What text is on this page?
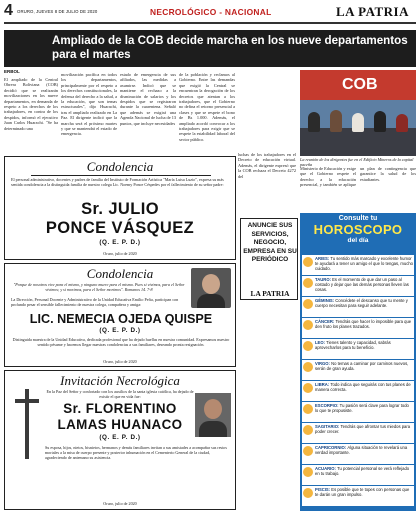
4 ORURO, JUEVES 8 DE JULIO DE 2020	NECROLÓGICO - NACIONAL	LA PATRIA
Ampliado de la COB decide marcha en los nueve departamentos para el martes
ERBOL
El ampliado de la Central Obrera Boliviana (COB) decidió que se realizarán movilizaciones en los nueve departamentos, en demanda de respeto a los derechos de los trabajadores, en contra de los despidos, informó el ejecutivo Juan Carlos Huarachi. "Se ha determinado una
movilización pacífica en todos los departamentos, principalmente por el respeto a los derechos constitucionales, la defensa del derecho a la salud, a la educación, que son temas estructurales", dijo Huarachi, tras el ampliado realizado en La Paz. El dirigente indicó que la marcha será el próximo martes y que se mantendrá el estado de emergencia.
estado de emergencia de sus afiliados, las medidas a asumirse. Indicó que se mantiene el rechazo a la disminución de salarios y los despidos que se registraron durante la cuarentena. Señaló que además se exigirá una Agenda Nacional de lucha de 13 puntos, que incluye necesidades
de la población y reclamos al Gobierno. Entre las demandas que exigió la Central se encuentran la derogación de los decretos que atentan a los trabajadores, que el Gobierno no defina el retorno presencial a clases y que se respete el bono de Bs 1.000. Además, el ampliado acordó convocar a los trabajadores para exigir que se respete la estabilidad laboral del sector público.
luchas de los trabajadores en el Decreto de educación virtual. Además, el dirigente expresó que la COB rechaza el Decreto 4272 del
Ministerio de Educación y exige que el Gobierno respete el derecho a la educación presencial, y también se aplique un plan de contingencia que garantice la salud de los estudiantes.
COB
La reunión de los dirigentes fue en el Edificio Mineros de la capital paceña
Condolencia
El personal administrativo, docentes y padres de familia del Instituto de Formación Artística "María Luisa Luzio", expresa su más sentida condolencia a la distinguida familia de nuestro colega Lic. Noemy Ponce Céspedes por el fallecimiento de su señor padre:
Sr. JULIO
PONCE VÁSQUEZ
(Q. E. P. D.)
Oruro, julio de 2020
ANUNCIE SUS SERVICIOS, NEGOCIO, EMPRESA EN SU PERIÓDICO
LA PATRIA
Condolencia
"Porque de nosotros vive para el mismo, y ninguno muere para el mismo. Pues si vivimos, para el Señor vivimos; y si morimos, para el Señor morimos". Romanos 14. 7-8
La Dirección, Personal Docente y Administrativo de la Unidad Educativa Emilio Pefia, participan con profundo pesar el sensible fallecimiento de nuestra colega, compañera y amiga:
LIC. NEMECIA OJEDA QUISPE
(Q. E. P. D.)
Distinguida maestra de la Unidad Educativa, dedicada profesional que ha dejado huellas en nuestra comunidad. Expresamos nuestro sentido pésame y hacemos llegar nuestras condolencias a sus familiares, deseando pronta resignación.
Oruro, julio de 2020
Invitación Necrológica
En la Paz del Señor y confortado con los auxilios de la santa iglesia católica, ha dejado de existir el que en vida fue:
Sr. FLORENTINO
LAMAS HUANACO
(Q. E. P. D.)
Su esposa, hijos, nietos, bisnietos, hermanos y demás familiares invitan a sus amistades a acompañar sus restos mortales a la misa de cuerpo presente y posterior inhumación en el Cementerio General de la ciudad, agradeciendo de antemano su asistencia.
Oruro, julio de 2020
Consulte tu
HOROSCOPO
del día
ARIES: Tu sentido más marcado y excelente humor te ayudará a tener un amigo el que lo tengas, mucho cuidado.
TAURO: Es el momento de que dar un paso al costado y dejar que las demás personas lleven las cosas.
GÉMINIS: Concédete el descanso que tu mente y cuerpo necesitan para seguir adelante.
CÁNCER: Tendrás que hacer lo imposible para que den fruto los planes trazados.
LEO: Tienes talento y capacidad, sabrás aprovecharlos para tu beneficio.
VIRGO: No temas a caminar por caminos nuevos, serán de gran ayuda.
LIBRA: Todo indica que seguirás con tus planes de manera correcta.
ESCORPIO: Tu pasión será clave para lograr todo lo que te propusiste.
SAGITARIO: Tendrás que afrontar tus miedos para poder crecer.
CAPRICORNIO: Alguna situación te revelará una verdad importante.
ACUARIO: Tu potencial personal se verá reflejado en tu trabajo.
PISCIS: Es posible que te topes con personas que te darán un gran impulso.
